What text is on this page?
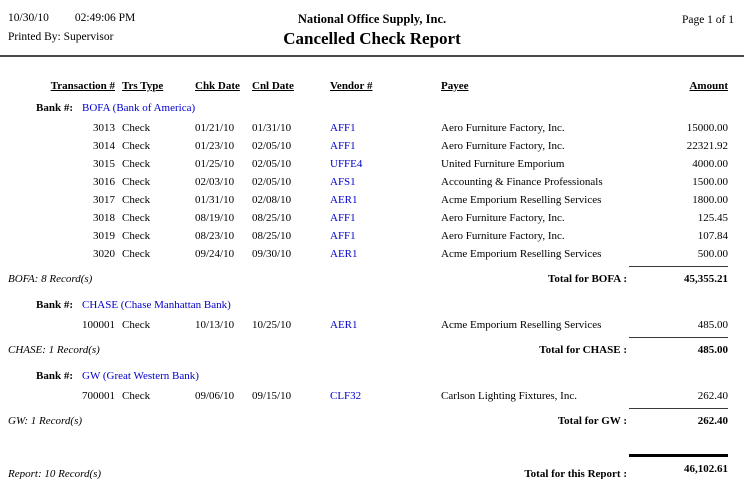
10/30/10 02:49:06 PM
Printed By: Supervisor
National Office Supply, Inc.
Cancelled Check Report
Page 1 of 1
Transaction # Trs Type	Chk Date	Cnl Date	Vendor #	Payee	Amount
Bank #: BOFA (Bank of America)
3013 Check	01/21/10	01/31/10	AFF1	Aero Furniture Factory, Inc.	15000.00
3014 Check	01/23/10	02/05/10	AFF1	Aero Furniture Factory, Inc.	22321.92
3015 Check	01/25/10	02/05/10	UFFE4	United Furniture Emporium	4000.00
3016 Check	02/03/10	02/05/10	AFS1	Accounting & Finance Professionals	1500.00
3017 Check	01/31/10	02/08/10	AER1	Acme Emporium Reselling Services	1800.00
3018 Check	08/19/10	08/25/10	AFF1	Aero Furniture Factory, Inc.	125.45
3019 Check	08/23/10	08/25/10	AFF1	Aero Furniture Factory, Inc.	107.84
3020 Check	09/24/10	09/30/10	AER1	Acme Emporium Reselling Services	500.00
BOFA: 8 Record(s)	Total for BOFA :	45,355.21
Bank #: CHASE (Chase Manhattan Bank)
100001 Check	10/13/10	10/25/10	AER1	Acme Emporium Reselling Services	485.00
CHASE: 1 Record(s)	Total for CHASE :	485.00
Bank #: GW (Great Western Bank)
700001 Check	09/06/10	09/15/10	CLF32	Carlson Lighting Fixtures, Inc.	262.40
GW: 1 Record(s)	Total for GW :	262.40
Report: 10 Record(s)	Total for this Report :	46,102.61
